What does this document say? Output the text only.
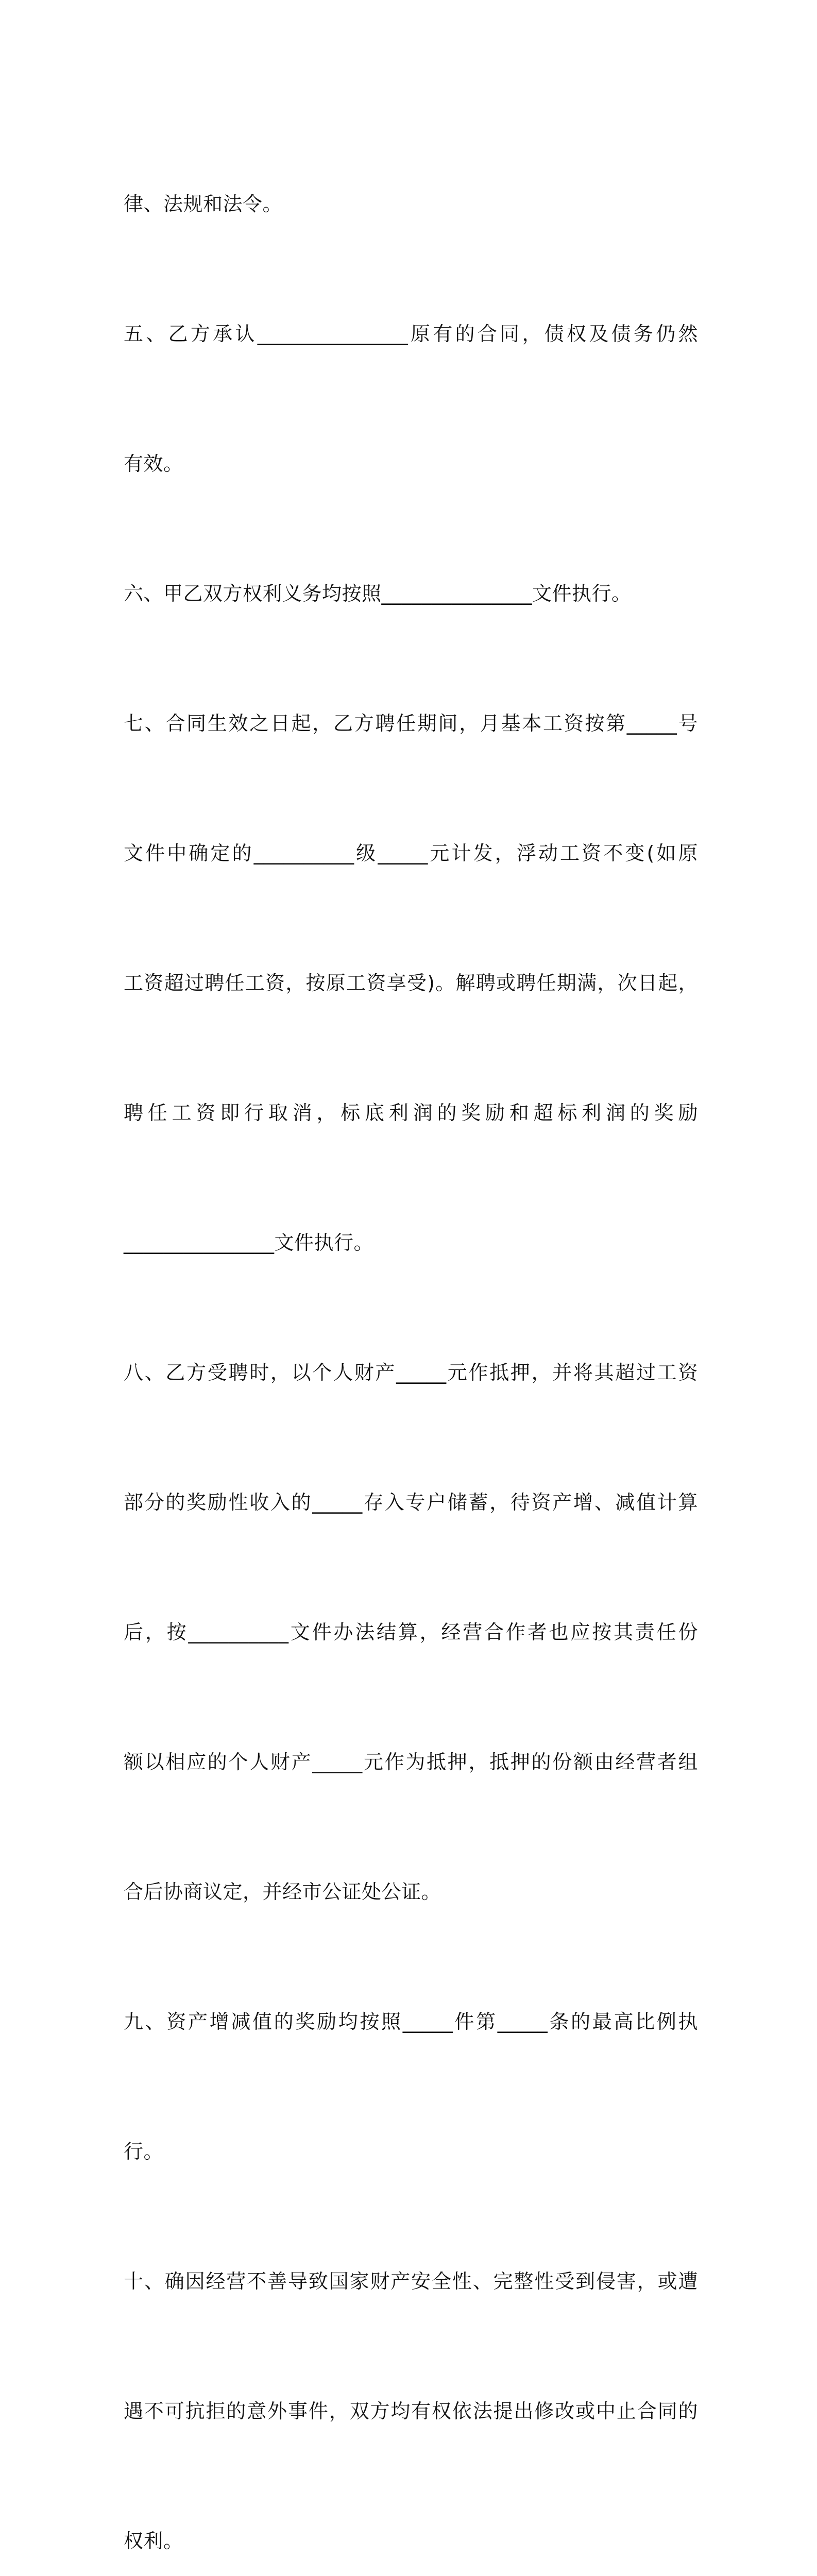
律、法规和法令。

五、乙方承认_______________原有的合同，债权及债务仍然

有效。

六、甲乙双方权利义务均按照_______________文件执行。

七、合同生效之日起，乙方聘任期间，月基本工资按第_____号

文件中确定的__________级_____元计发，浮动工资不变(如原

工资超过聘任工资，按原工资享受)。解聘或聘任期满，次日起，

聘任工资即行取消，标底利润的奖励和超标利润的奖励

_______________文件执行。

八、乙方受聘时，以个人财产_____元作抵押，并将其超过工资

部分的奖励性收入的_____存入专户储蓄，待资产增、减值计算

后，按__________文件办法结算，经营合作者也应按其责任份

额以相应的个人财产_____元作为抵押，抵押的份额由经营者组

合后协商议定，并经市公证处公证。

九、资产增减值的奖励均按照_____件第_____条的最高比例执

行。

十、确因经营不善导致国家财产安全性、完整性受到侵害，或遭

遇不可抗拒的意外事件，双方均有权依法提出修改或中止合同的

权利。
